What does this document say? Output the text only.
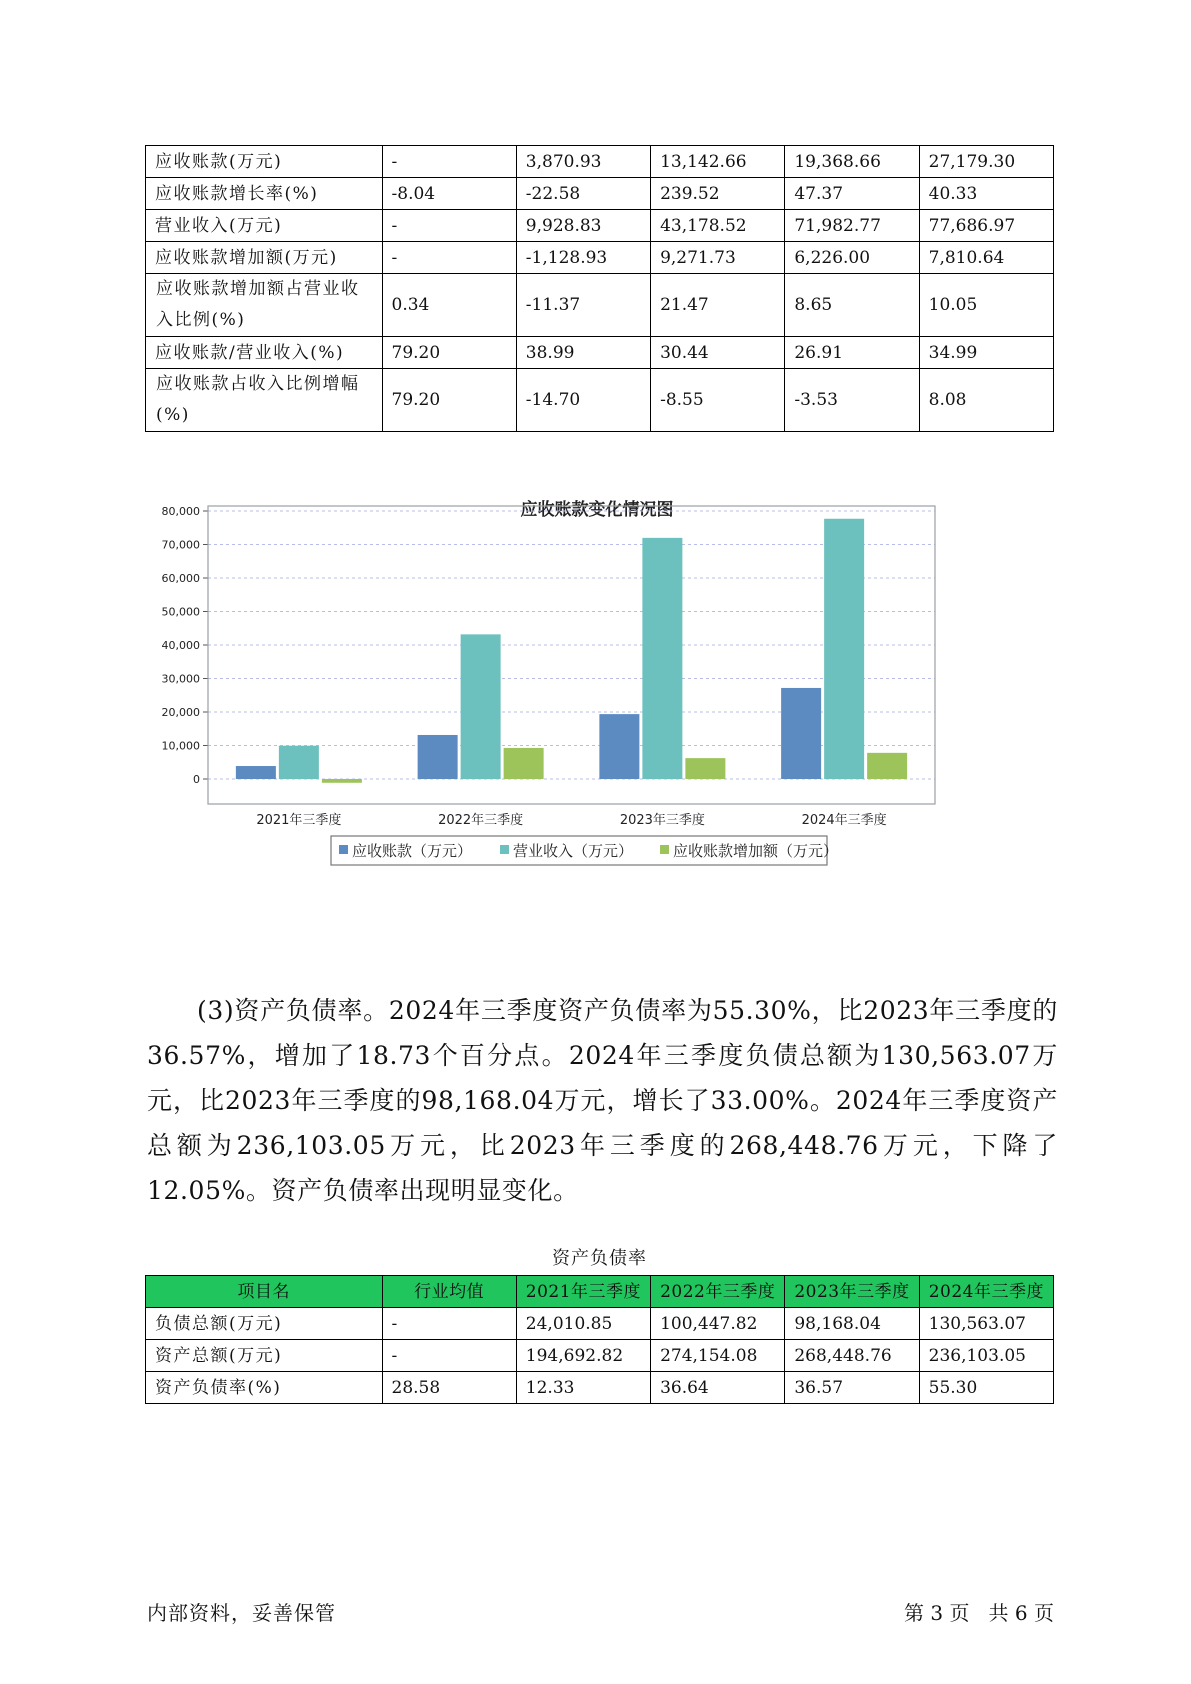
应收账款(万元)	-	3,870.93	13,142.66	19,368.66	27,179.30
应收账款增长率(%)	-8.04	-22.58	239.52	47.37	40.33
营业收入(万元)	-	9,928.83	43,178.52	71,982.77	77,686.97
应收账款增加额(万元)	-	-1,128.93	9,271.73	6,226.00	7,810.64
应收账款增加额占营业收入比例(%)	0.34	-11.37	21.47	8.65	10.05
应收账款/营业收入(%)	79.20	38.99	30.44	26.91	34.99
应收账款占收入比例增幅(%)	79.20	-14.70	-8.55	-3.53	8.08
应收账款变化情况图
80,000
70,000
60,000
50,000
40,000
30,000
20,000
10,000
0
2021年三季度	2022年三季度	2023年三季度	2024年三季度
应收账款（万元）	营业收入（万元）	应收账款增加额（万元）

(3)资产负债率。2024年三季度资产负债率为55.30%，比2023年三季度的36.57%，增加了18.73个百分点。2024年三季度负债总额为130,563.07万元，比2023年三季度的98,168.04万元，增长了33.00%。2024年三季度资产总额为236,103.05万元，比2023年三季度的268,448.76万元，下降了12.05%。资产负债率出现明显变化。

资产负债率
项目名	行业均值	2021年三季度	2022年三季度	2023年三季度	2024年三季度
负债总额(万元)	-	24,010.85	100,447.82	98,168.04	130,563.07
资产总额(万元)	-	194,692.82	274,154.08	268,448.76	236,103.05
资产负债率(%)	28.58	12.33	36.64	36.57	55.30
内部资料，妥善保管	第 3 页   共 6 页
